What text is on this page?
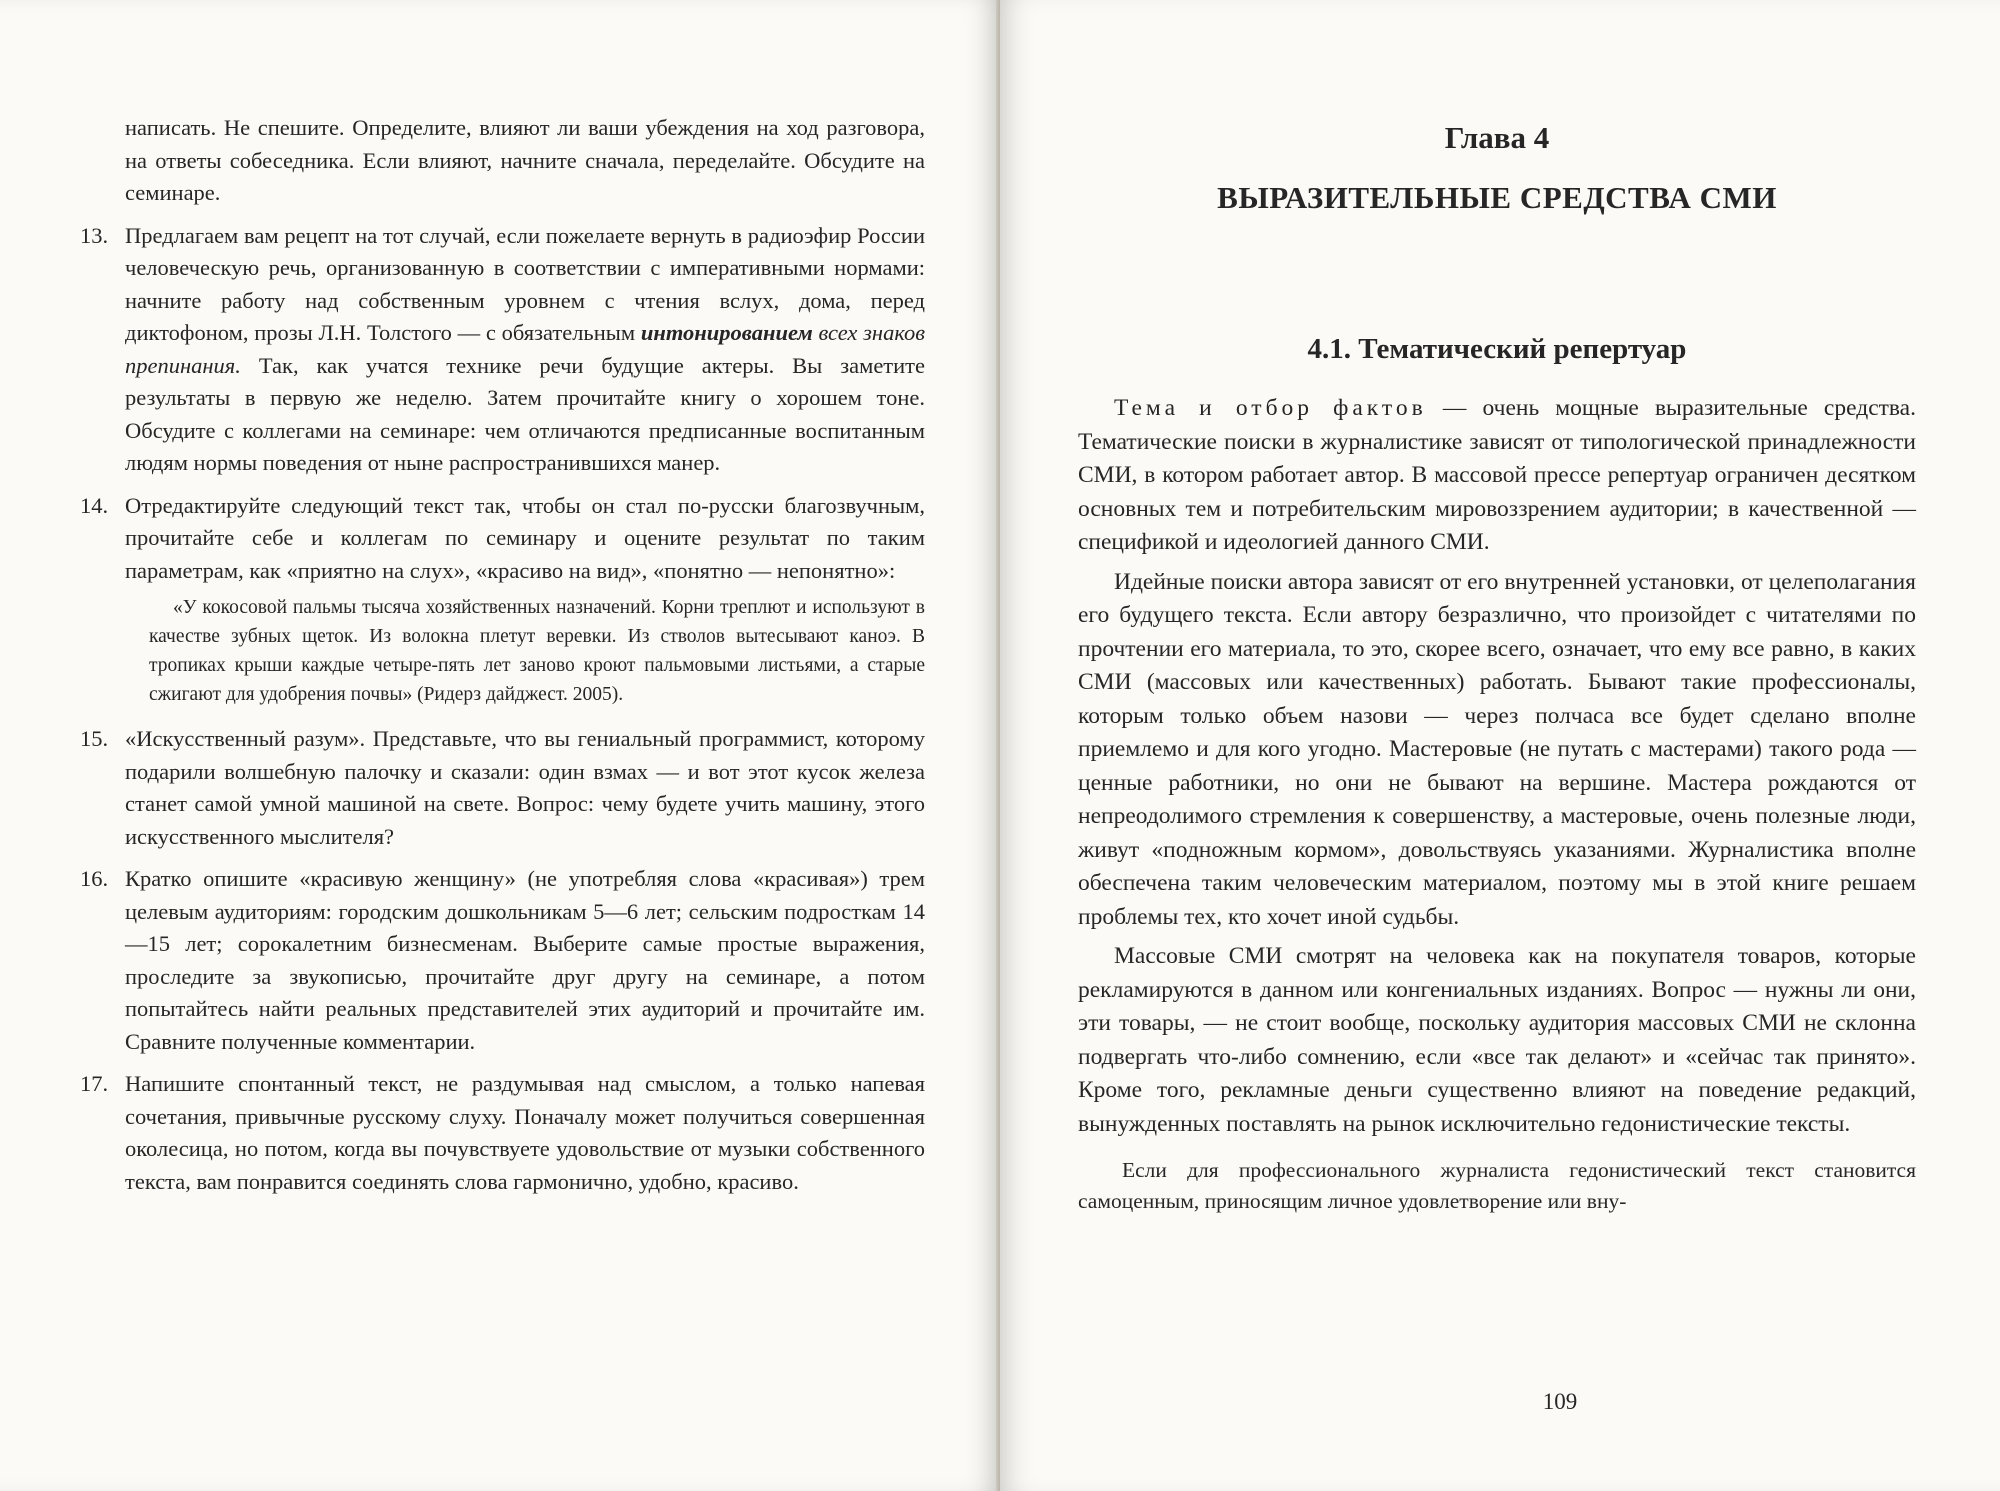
написать. Не спешите. Определите, влияют ли ваши убеждения на ход разговора, на ответы собеседника. Если влияют, начните сначала, переделайте. Обсудите на семинаре.

13. Предлагаем вам рецепт на тот случай, если пожелаете вернуть в радиоэфир России человеческую речь, организованную в соответствии с императивными нормами: начните работу над собственным уровнем с чтения вслух, дома, перед диктофоном, прозы Л.Н. Толстого — с обязательным интонированием всех знаков препинания. Так, как учатся технике речи будущие актеры. Вы заметите результаты в первую же неделю. Затем прочитайте книгу о хорошем тоне. Обсудите с коллегами на семинаре: чем отличаются предписанные воспитанным людям нормы поведения от ныне распространившихся манер.

14. Отредактируйте следующий текст так, чтобы он стал по-русски благозвучным, прочитайте себе и коллегам по семинару и оцените результат по таким параметрам, как «приятно на слух», «красиво на вид», «понятно — непонятно»:

«У кокосовой пальмы тысяча хозяйственных назначений. Корни треплют и используют в качестве зубных щеток. Из волокна плетут веревки. Из стволов вытесывают каноэ. В тропиках крыши каждые четыре-пять лет заново кроют пальмовыми листьями, а старые сжигают для удобрения почвы» (Ридерз дайджест. 2005).

15. «Искусственный разум». Представьте, что вы гениальный программист, которому подарили волшебную палочку и сказали: один взмах — и вот этот кусок железа станет самой умной машиной на свете. Вопрос: чему будете учить машину, этого искусственного мыслителя?

16. Кратко опишите «красивую женщину» (не употребляя слова «красивая») трем целевым аудиториям: городским дошкольникам 5—6 лет; сельским подросткам 14—15 лет; сорокалетним бизнесменам. Выберите самые простые выражения, проследите за звукописью, прочитайте друг другу на семинаре, а потом попытайтесь найти реальных представителей этих аудиторий и прочитайте им. Сравните полученные комментарии.

17. Напишите спонтанный текст, не раздумывая над смыслом, а только напевая сочетания, привычные русскому слуху. Поначалу может получиться совершенная околесица, но потом, когда вы почувствуете удовольствие от музыки собственного текста, вам понравится соединять слова гармонично, удобно, красиво.

Глава 4
ВЫРАЗИТЕЛЬНЫЕ СРЕДСТВА СМИ
4.1. Тематический репертуар

Тема и отбор фактов — очень мощные выразительные средства. Тематические поиски в журналистике зависят от типологической принадлежности СМИ, в котором работает автор. В массовой прессе репертуар ограничен десятком основных тем и потребительским мировоззрением аудитории; в качественной — спецификой и идеологией данного СМИ.

Идейные поиски автора зависят от его внутренней установки, от целеполагания его будущего текста. Если автору безразлично, что произойдет с читателями по прочтении его материала, то это, скорее всего, означает, что ему все равно, в каких СМИ (массовых или качественных) работать. Бывают такие профессионалы, которым только объем назови — через полчаса все будет сделано вполне приемлемо и для кого угодно. Мастеровые (не путать с мастерами) такого рода — ценные работники, но они не бывают на вершине. Мастера рождаются от непреодолимого стремления к совершенству, а мастеровые, очень полезные люди, живут «подножным кормом», довольствуясь указаниями. Журналистика вполне обеспечена таким человеческим материалом, поэтому мы в этой книге решаем проблемы тех, кто хочет иной судьбы.

Массовые СМИ смотрят на человека как на покупателя товаров, которые рекламируются в данном или конгениальных изданиях. Вопрос — нужны ли они, эти товары, — не стоит вообще, поскольку аудитория массовых СМИ не склонна подвергать что-либо сомнению, если «все так делают» и «сейчас так принято». Кроме того, рекламные деньги существенно влияют на поведение редакций, вынужденных поставлять на рынок исключительно гедонистические тексты.

Если для профессионального журналиста гедонистический текст становится самоценным, приносящим личное удовлетворение или вну-

109
